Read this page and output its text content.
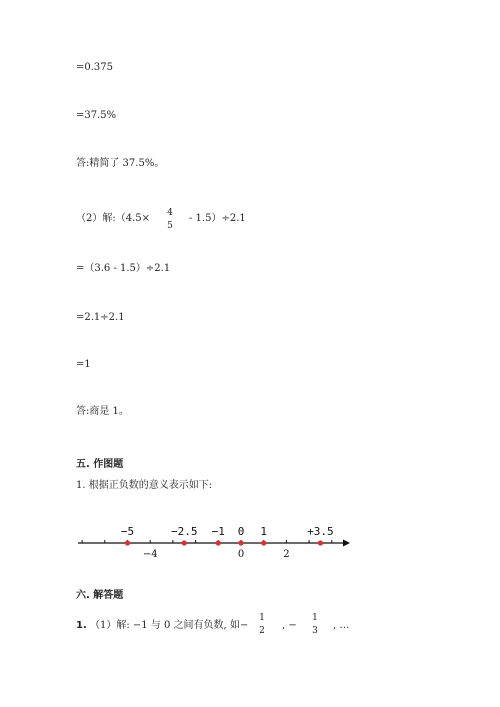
=0.375
=37.5%
答:精简了 37.5%。
（2）解:（4.5×	4
5
- 1.5）÷2.1
=（3.6 - 1.5）÷2.1
=2.1÷2.1
=1
答:商是 1。
五. 作图题
1. 根据正负数的意义表示如下:
−5	−2.5 −1 0 1	+3.5
−4	0	2
六. 解答题
1. （1）解: −1 与 0 之间有负数, 如−
1
2	, −
1
3	, …
